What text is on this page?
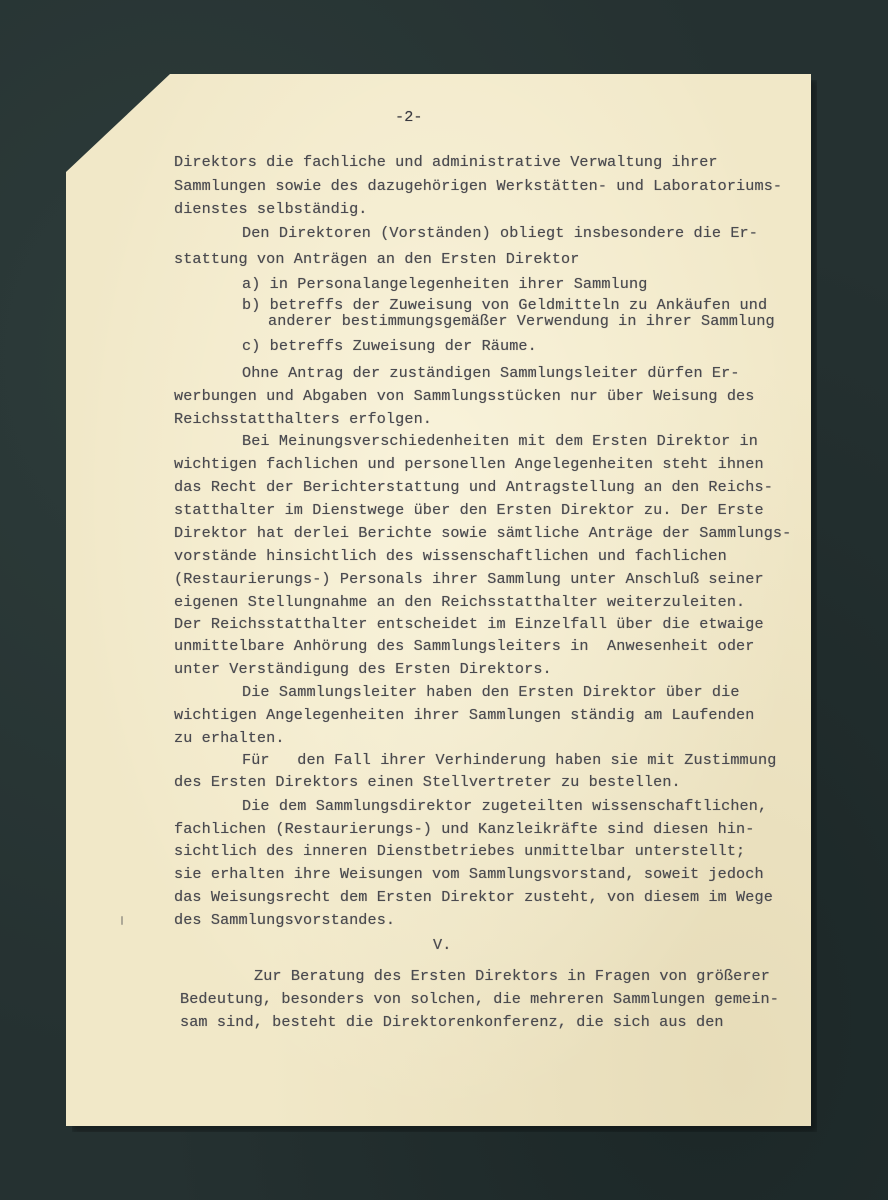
-2-
Direktors die fachliche und administrative Verwaltung ihrer
Sammlungen sowie des dazugehörigen Werkstätten- und Laboratoriums-
dienstes selbständig.
Den Direktoren (Vorständen) obliegt insbesondere die Er-
stattung von Anträgen an den Ersten Direktor
a) in Personalangelegenheiten ihrer Sammlung
b) betreffs der Zuweisung von Geldmitteln zu Ankäufen und
anderer bestimmungsgemäßer Verwendung in ihrer Sammlung
c) betreffs Zuweisung der Räume.
Ohne Antrag der zuständigen Sammlungsleiter dürfen Er-
werbungen und Abgaben von Sammlungsstücken nur über Weisung des
Reichsstatthalters erfolgen.
Bei Meinungsverschiedenheiten mit dem Ersten Direktor in
wichtigen fachlichen und personellen Angelegenheiten steht ihnen
das Recht der Berichterstattung und Antragstellung an den Reichs-
statthalter im Dienstwege über den Ersten Direktor zu. Der Erste
Direktor hat derlei Berichte sowie sämtliche Anträge der Sammlungs-
vorstände hinsichtlich des wissenschaftlichen und fachlichen
(Restaurierungs-) Personals ihrer Sammlung unter Anschluß seiner
eigenen Stellungnahme an den Reichsstatthalter weiterzuleiten.
Der Reichsstatthalter entscheidet im Einzelfall über die etwaige
unmittelbare Anhörung des Sammlungsleiters in  Anwesenheit oder
unter Verständigung des Ersten Direktors.
Die Sammlungsleiter haben den Ersten Direktor über die
wichtigen Angelegenheiten ihrer Sammlungen ständig am Laufenden
zu erhalten.
Für   den Fall ihrer Verhinderung haben sie mit Zustimmung
des Ersten Direktors einen Stellvertreter zu bestellen.
Die dem Sammlungsdirektor zugeteilten wissenschaftlichen,
fachlichen (Restaurierungs-) und Kanzleikräfte sind diesen hin-
sichtlich des inneren Dienstbetriebes unmittelbar unterstellt;
sie erhalten ihre Weisungen vom Sammlungsvorstand, soweit jedoch
das Weisungsrecht dem Ersten Direktor zusteht, von diesem im Wege
des Sammlungsvorstandes.
V.
Zur Beratung des Ersten Direktors in Fragen von größerer
Bedeutung, besonders von solchen, die mehreren Sammlungen gemein-
sam sind, besteht die Direktorenkonferenz, die sich aus den
